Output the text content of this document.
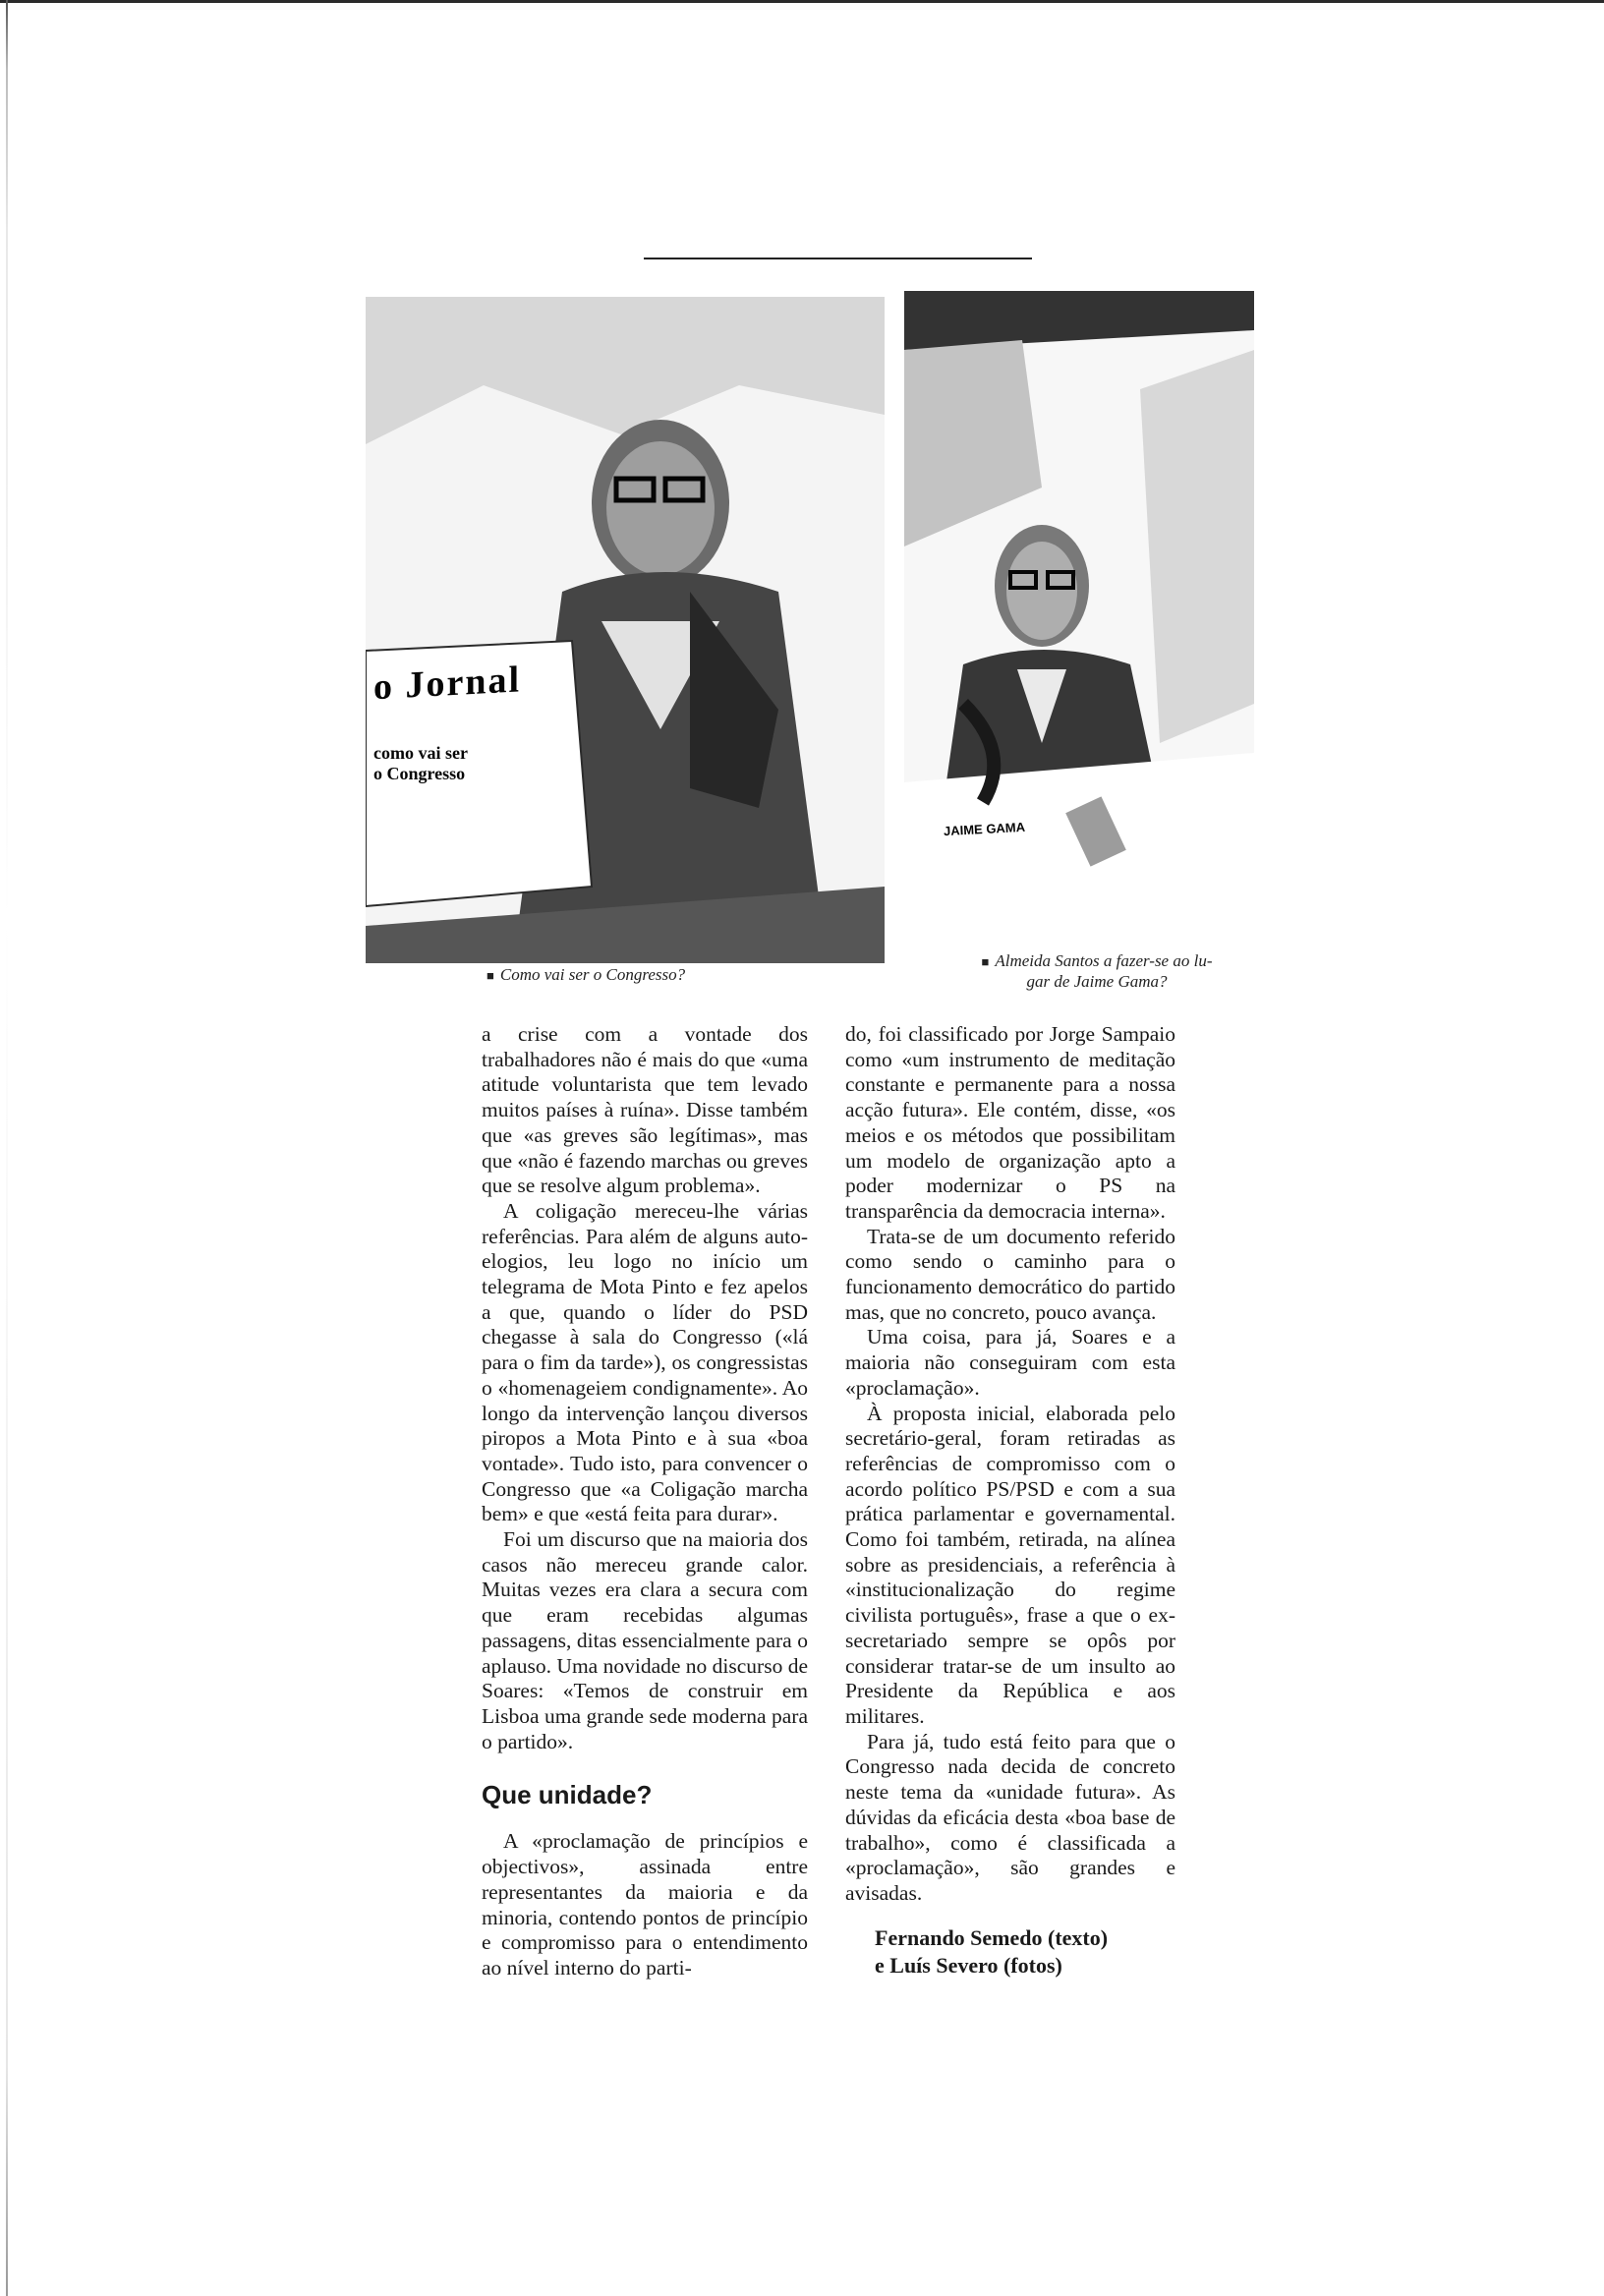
o Jornal
como vai ser
o Congresso
■ Como vai ser o Congresso?
JAIME GAMA
■ Almeida Santos a fazer-se ao lu-
gar de Jaime Gama?

a crise com a vontade dos trabalhadores não é mais do que «uma atitude voluntarista que tem levado muitos países à ruína». Disse também que «as greves são legítimas», mas que «não é fazendo marchas ou greves que se resolve algum problema».

A coligação mereceu-lhe várias referências. Para além de alguns auto-elogios, leu logo no início um telegrama de Mota Pinto e fez apelos a que, quando o líder do PSD chegasse à sala do Congresso («lá para o fim da tarde»), os congressistas o «homenageiem condignamente». Ao longo da intervenção lançou diversos piropos a Mota Pinto e à sua «boa vontade». Tudo isto, para convencer o Congresso que «a Coligação marcha bem» e que «está feita para durar».

Foi um discurso que na maioria dos casos não mereceu grande calor. Muitas vezes era clara a secura com que eram recebidas algumas passagens, ditas essencialmente para o aplauso. Uma novidade no discurso de Soares: «Temos de construir em Lisboa uma grande sede moderna para o partido».

Que unidade?

A «proclamação de princípios e objectivos», assinada entre representantes da maioria e da minoria, contendo pontos de princípio e compromisso para o entendimento ao nível interno do parti-

do, foi classificado por Jorge Sampaio como «um instrumento de meditação constante e permanente para a nossa acção futura». Ele contém, disse, «os meios e os métodos que possibilitam um modelo de organização apto a poder modernizar o PS na transparência da democracia interna».

Trata-se de um documento referido como sendo o caminho para o funcionamento democrático do partido mas, que no concreto, pouco avança.

Uma coisa, para já, Soares e a maioria não conseguiram com esta «proclamação».

À proposta inicial, elaborada pelo secretário-geral, foram retiradas as referências de compromisso com o acordo político PS/PSD e com a sua prática parlamentar e governamental. Como foi também, retirada, na alínea sobre as presidenciais, a referência à «institucionalização do regime civilista português», frase a que o ex-secretariado sempre se opôs por considerar tratar-se de um insulto ao Presidente da República e aos militares.

Para já, tudo está feito para que o Congresso nada decida de concreto neste tema da «unidade futura». As dúvidas da eficácia desta «boa base de trabalho», como é classificada a «proclamação», são grandes e avisadas.

Fernando Semedo (texto)
e Luís Severo (fotos)
